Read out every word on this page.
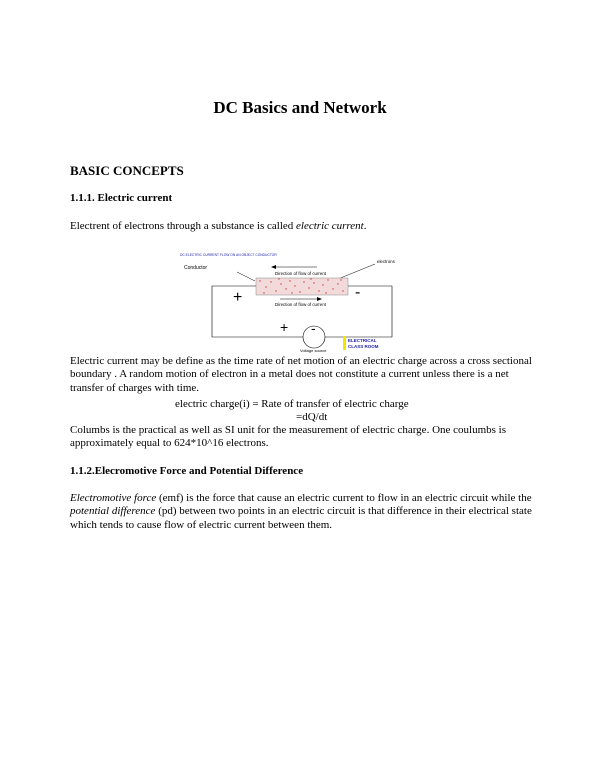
DC Basics and Network
BASIC CONCEPTS
1.1.1. Electric current
Electrent of electrons through a substance is called electric current.
DC ELECTRIC CURRENT FLOW ON AN OBJECT CONDUCTOR
Conductor
Direction of flow of current
electrons
Direction of flow of current
+	-
+ -
Voltage source
ELECTRICAL
CLASS ROOM
Electric current may be define as the time rate of net motion of an electric charge across a cross sectional boundary . A random motion of electron in a metal does not constitute a current unless there is a net transfer of charges with time.
electric charge(i) = Rate of transfer of electric charge
=dQ/dt
Columbs is the practical as well as SI unit for the measurement of electric charge. One coulumbs is approximately equal to 624*10^16 electrons.
1.1.2.Elecromotive Force and Potential Difference
Electromotive force (emf) is the force that cause an electric current to flow in an electric circuit while the potential difference (pd) between two points in an electric circuit is that difference in their electrical state which tends to cause flow of electric current between them.
